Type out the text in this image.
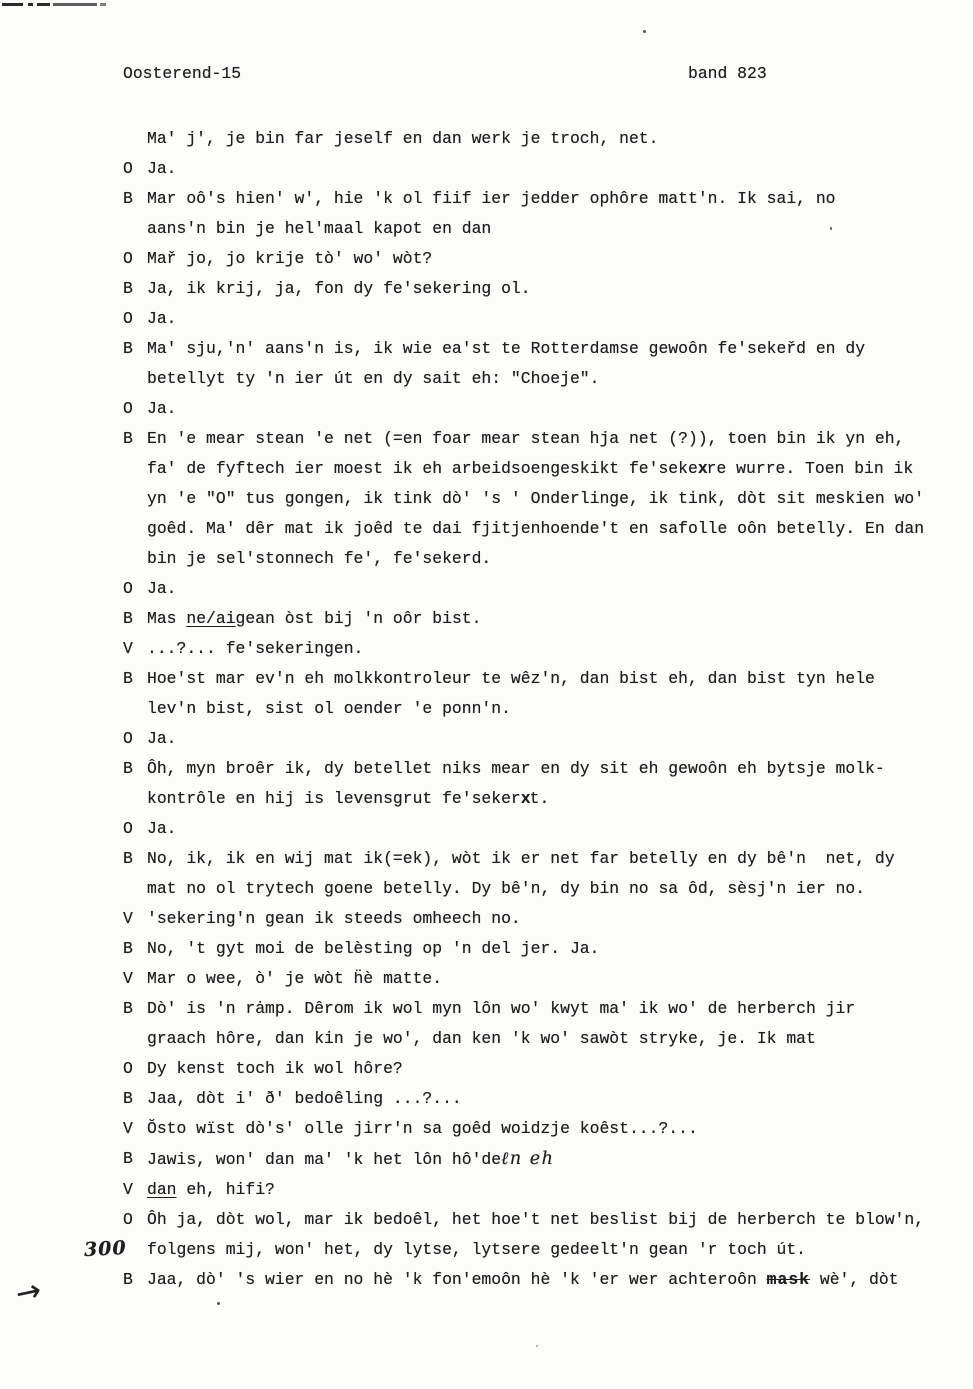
Oosterend-15	band 823
Ma' j', je bin far jeself en dan werk je troch, net.
O Ja.
B Mar oô's hien' w', hie 'k ol fiif ier jedder ophôre matt'n. Ik sai, no
aans'n bin je hel'maal kapot en dan
O Mař jo, jo krije tò' wo' wòt?
B Ja, ik krij, ja, fon dy fe'sekering ol.
O Ja.
B Ma' sju,'n' aans'n is, ik wie ea'st te Rotterdamse gewoôn fe'sekeřd en dy
betellyt ty 'n ier út en dy sait eh: "Choeje".
O Ja.
B En 'e mear stean 'e net (=en foar mear stean hja net (?)), toen bin ik yn eh,
fa' de fyftech ier moest ik eh arbeidsoengeskikt fe'sekexre wurre. Toen bin ik
yn 'e "O" tus gongen, ik tink dò' 's ' Onderlinge, ik tink, dòt sit meskien wo'
goêd. Ma' dêr mat ik joêd te dai fjitjenhoende't en safolle oôn betelly. En dan
bin je sel'stonnech fe', fe'sekerd.
O Ja.
B Mas ne/aigean òst bij 'n oôr bist.
V ...?... fe'sekeringen.
B Hoe'st mar ev'n eh molkkontroleur te wêz'n, dan bist eh, dan bist tyn hele
lev'n bist, sist ol oender 'e ponn'n.
O Ja.
B Ôh, myn broêr ik, dy betellet niks mear en dy sit eh gewoôn eh bytsje molk-
kontrôle en hij is levensgrut fe'sekerxt.
O Ja.
B No, ik, ik en wij mat ik(=ek), wòt ik er net far betelly en dy bê'n  net, dy
mat no ol trytech goene betelly. Dy bê'n, dy bin no sa ôd, sèsj'n ier no.
V 'sekering'n gean ik steeds omheech no.
B No, 't gyt moi de belèsting op 'n del jer. Ja.
V Mar o wee, ò' je wòt ḧè matte.
B Dò' is 'n rȧmp. Dêrom ik wol myn lôn wo' kwyt ma' ik wo' de herberch jir
graach hôre, dan kin je wo', dan ken 'k wo' sawòt stryke, je. Ik mat
O Dy kenst toch ik wol hôre?
B Jaa, dòt i' ð' bedoêling ...?...
V Ŏsto wïst dò's' olle jirr'n sa goêd woidzje koêst...?...
B Jawis, won' dan ma' 'k het lôn hô'deℓn eh
V dan eh, hifi?
O Ôh ja, dòt wol, mar ik bedoêl, het hoe't net beslist bij de herberch te blow'n,
folgens mij, won' het, dy lytse, lytsere gedeelt'n gean 'r toch út.
B Jaa, dò' 's wier en no hè 'k fon'emoôn hè 'k 'er wer achteroôn mask wè', dòt
300
→
